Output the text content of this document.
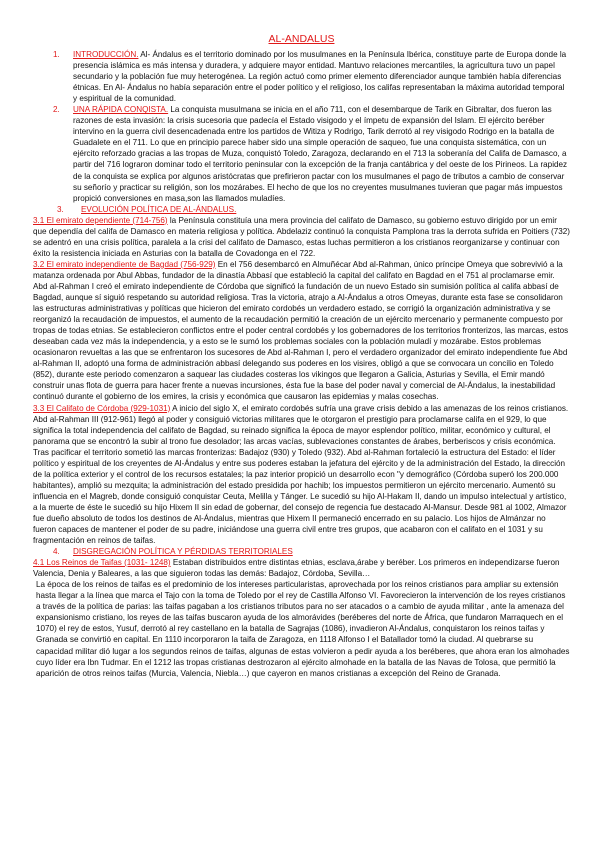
AL-ANDALUS

1. INTRODUCCIÓN. Al- Ándalus es el territorio dominado por los musulmanes en la Península Ibérica, constituye parte de Europa donde la presencia islámica es más intensa y duradera, y adquiere mayor entidad. Mantuvo relaciones mercantiles, la agricultura tuvo un papel secundario y la población fue muy heterogénea. La región actuó como primer elemento diferenciador aunque también había diferencias étnicas. En Al- Ándalus no había separación entre el poder político y el religioso, los califas representaban la máxima autoridad temporal y espiritual de la comunidad.

2. UNA RÁPIDA CONQISTA. La conquista musulmana se inicia en el año 711, con el desembarque de Tarik en Gibraltar, dos fueron las razones de esta invasión: la crisis sucesoria que padecía el Estado visigodo y el ímpetu de expansión del Islam. El ejército beréber intervino en la guerra civil desencadenada entre los partidos de Witiza y Rodrigo, Tarik derrotó al rey visigodo Rodrigo en la batalla de Guadalete en el 711. Lo que en principio parece haber sido una simple operación de saqueo, fue una conquista sistemática, con un ejército reforzado gracias a las tropas de Muza, conquistó Toledo, Zaragoza, declarando en el 713 la soberanía del Califa de Damasco, a partir del 716 lograron dominar todo el territorio peninsular con la excepción de la franja cantábrica y del oeste de los Pirineos. La rapidez de la conquista se explica por algunos aristócratas que prefirieron pactar con los musulmanes el pago de tributos a cambio de conservar su señorío y practicar su religión, son los mozárabes. El hecho de que los no creyentes musulmanes tuvieran que pagar más impuestos propició conversiones en masa,son las llamados muladíes.

3. EVOLUCIÓN POLÍTICA DE AL-ÁNDALUS.

3.1 El emirato dependiente (714-756) la Península constituía una mera provincia del califato de Damasco, su gobierno estuvo dirigido por un emir que dependía del califa de Damasco en materia religiosa y política. Abdelaziz continuó la conquista Pamplona tras la derrota sufrida en Poitiers (732) se adentró en una crisis política, paralela a la crisi del califato de Damasco, estas luchas permitieron a los cristianos reorganizarse y continuar con éxito la resistencia iniciada en Asturias con la batalla de Covadonga en el 722.

3.2 El emirato independiente de Bagdad (756-929) En el 756 desembarcó en Almuñécar Abd al-Rahman, único príncipe Omeya que sobrevivió a la matanza ordenada por Abul Abbas, fundador de la dinastía Abbasí que estableció la capital del califato en Bagdad en el 751 al proclamarse emir. Abd al-Rahman I creó el emirato independiente de Córdoba que significó la fundación de un nuevo Estado sin sumisión política al califa abbasí de Bagdad, aunque sí siguió respetando su autoridad religiosa. Tras la victoria, atrajo a Al-Ándalus a otros Omeyas, durante esta fase se consolidaron las estructuras administrativas y políticas que hicieron del emirato cordobés un verdadero estado, se corrigió la organización administrativa y se reorganizó la recaudación de impuestos, el aumento de la recaudación permitió la creación de un ejército mercenario y permanente compuesto por tropas de todas etnias. Se establecieron conflictos entre el poder central cordobés y los gobernadores de los territorios fronterizos, las marcas, estos deseaban cada vez más la independencia, y a esto se le sumó los problemas sociales con la población muladí y mozárabe. Estos problemas ocasionaron revueltas a las que se enfrentaron los sucesores de Abd al-Rahman I, pero el verdadero organizador del emirato independiente fue Abd al-Rahman II, adoptó una forma de administración abbasí delegando sus poderes en los visires, obligó a que se convocara un concilio en Toledo (852), durante este periodo comenzaron a saquear las ciudades costeras los vikingos que llegaron a Galicia, Asturias y Sevilla, el Emir mandó construir unas flota de guerra para hacer frente a nuevas incursiones, ésta fue la base del poder naval y comercial de Al-Ándalus, la inestabilidad continuó durante el gobierno de los emires, la crisis y económica que causaron las epidemias y malas cosechas.

3.3 El Califato de Córdoba (929-1031) A inicio del siglo X, el emirato cordobés sufría una grave crisis debido a las amenazas de los reinos cristianos. Abd al-Rahman III (912-961) llegó al poder y consiguió victorias militares que le otorgaron el prestigio para proclamarse califa en el 929, lo que significa la total independencia del califato de Bagdad, su reinado significa la época de mayor esplendor político, militar, económico y cultural, el panorama que se encontró la subir al trono fue desolador; las arcas vacías, sublevaciones constantes de árabes, berberiscos y crisis económica. Tras pacificar el territorio sometió las marcas fronterizas: Badajoz (930) y Toledo (932). Abd al-Rahman fortaleció la estructura del Estado: el líder político y espiritual de los creyentes de Al-Ándalus y entre sus poderes estaban la jefatura del ejército y de la administración del Estado, la dirección de la política exterior y el control de los recursos estatales; la paz interior propició un desarrollo econ "y demográfico (Córdoba superó los 200.000 habitantes), amplió su mezquita; la administración del estado presidida por hachib; los impuestos permitieron un ejército mercenario. Aumentó su influencia en el Magreb, donde consiguió conquistar Ceuta, Melilla y Tánger. Le sucedió su hijo Al-Hakam II, dando un impulso intelectual y artístico, a la muerte de éste le sucedió su hijo Hixem II sin edad de gobernar, del consejo de regencia fue destacado Al-Mansur. Desde 981 al 1002, Almazor fue dueño absoluto de todos los destinos de Al-Ándalus, mientras que Hixem II permaneció encerrado en su palacio. Los hijos de Almánzar no fueron capaces de mantener el poder de su padre, iniciándose una guerra civil entre tres grupos, que acabaron con el califato en el 1031 y su fragmentación en reinos de taifas.

4. DISGREGACIÓN POLÍTICA Y PÉRDIDAS TERRITORIALES

4.1 Los Reinos de Taifas (1031- 1248) Estaban distribuidos entre distintas etnias, esclava,árabe y beréber. Los primeros en independizarse fueron Valencia, Denia y Baleares, a las que siguieron todas las demás: Badajoz, Córdoba, Sevilla…

La época de los reinos de taifas es el predominio de los intereses particularistas, aprovechada por los reinos cristianos para ampliar su extensión hasta llegar a la línea que marca el Tajo con la toma de Toledo por el rey de Castilla Alfonso VI. Favorecieron la intervención de los reyes cristianos a través de la política de parias: las taifas pagaban a los cristianos tributos para no ser atacados o a cambio de ayuda militar , ante la amenaza del expansionismo cristiano, los reyes de las taifas buscaron ayuda de los almorávides (beréberes del norte de África, que fundaron Marraquech en el 1070) el rey de estos, Yusuf, derrotó al rey castellano en la batalla de Sagrajas (1086), invadieron Al-Ándalus, conquistaron los reinos taifas y Granada se convirtió en capital. En 1110 incorporaron la taifa de Zaragoza, en 1118 Alfonso I el Batallador tomó la ciudad. Al quebrarse su capacidad militar dió lugar a los segundos reinos de taifas, algunas de estas volvieron a pedir ayuda a los beréberes, que ahora eran los almohades cuyo líder era Ibn Tudmar. En el 1212 las tropas cristianas destrozaron al ejército almohade en la batalla de las Navas de Tolosa, que permitió la aparición de otros reinos taifas (Murcia, Valencia, Niebla…) que cayeron en manos cristianas a excepción del Reino de Granada.
